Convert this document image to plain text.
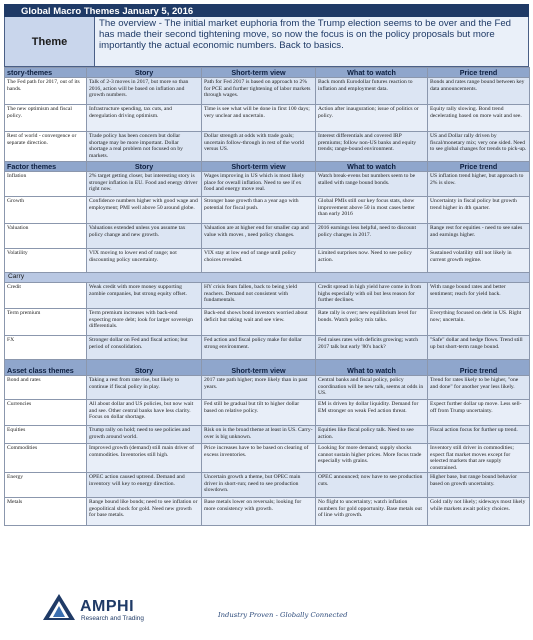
Global Macro Themes January 5, 2016
Theme
The overview - The initial market euphoria from the Trump election seems to be over and the Fed has made their second tightening move, so now the focus is on the policy proposals but more importantly the actual economic numbers. Back to basics.
story-themes	Story	Short-term view	What to watch	Price trend
The Fed path for 2017, out of its hands.	Talk of 2-3 moves in 2017, but more so than 2016, action will be based on inflation and growth numbers.	Path for Fed 2017 is based on approach to 2% for PCE and further tightening of labor markets through wages.	Back month Eurodollar futures reaction to inflation and employment data.	Bonds and rates range bound between key data announcements.
The new optimism and fiscal policy.	Infrastructure spending, tax cuts, and deregulation driving optimism.	Time is see what will be done in first 100 days; very unclear and uncertain.	Action after inauguration; issue of politics or policy.	Equity rally slowing. Bond trend decelerating based on more wait and see.
Rest of world - convergence or separate direction.	Trade policy has been concern but dollar shortage may be more important. Dollar shortage a real problem not focused on by markets.	Dollar strength at odds with trade goals; uncertain follow-through in rest of the world versus US.	Interest differentials and covered IRP premiums; follow non-US banks and equity trends; range-bound environment.	US and Dollar rally driven by fiscal/monetary mix; very one sided. Need to see global changes for trends to pick-up.
Factor themes	Story	Short-term view	What to watch	Price trend
Inflation	2% target getting closer, but interesting story is stronger inflation in EU. Food and energy driver right now.	Wages improving in US which is most likely place for overall inflation. Need to see if ex food and energy move real.	Watch break-evens but numbers seem to be stalled with range bound bonds.	US inflation trend higher, but approach to 2% is slow.
Growth	Confidence numbers higher with good wage and employment; PMI well above 50 around globe.	Stronger base growth than a year ago with potential for fiscal push.	Global PMIs still our key focus stats, show improvement above 50 in most cases better than early 2016	Uncertainty in fiscal policy but growth trend higher in 4th quarter.
Valuation	Valuations extended unless you assume tax policy change and new growth.	Valuation are at higher end for smaller cap and value with moves , need policy changes.	2016 earnings less helpful, need to discount policy changes in 2017.	Range rest for equities - need to see sales and earnings higher.
Volatility	VIX moving to lower end of range; not discounting policy uncertainty.	VIX stay at low end of range until policy choices revealed.	Limited surprises now. Need to see policy action.	Sustained volatility still not likely in current growth regime.
Carry				
Credit	Weak credit with more money supporting zombie companies, but strong equity offset.	HY crisis fears fallen, back to being yield reachers. Demand not consistent with fundamentals.	Credit spread in high yield have come in from highs especially with oil but less reason for further declines.	With range bound rates and better sentiment; reach for yield back.
Term premium	Term premium increases with back-end expecting more debt; look for larger sovereign differentials.	Back-end shows bond investors worried about deficit but taking wait and see view.	Rate rally is over; new equilibrium level for bonds. Watch policy mix talks.	Everything focused on debt in US. Right now; uncertain.
FX	Stronger dollar on Fed and fiscal action; but period of consolidation.	Fed action and fiscal policy make for dollar strong environment.	Fed raises rates with deficits growing; watch 2017 talk but early '80's back?	"Safe" dollar and hedge flows. Trend still up but short-term range bound.
Asset class themes	Story	Short-term view	What to watch	Price trend
Bond and rates	Taking a rest from rate rise, but likely to continue if fiscal policy in play.	2017 rate path higher; more likely than in past years.	Central banks and fiscal policy, policy coordination will be new talk, seems at odds in US.	Trend for rates likely to be higher, "one and done" for another year less likely.
Currencies	All about dollar and US policies, but now wait and see. Other central banks have less clarity. Focus on dollar shortage.	Fed still be gradual but tilt to higher dollar based on relative policy.	EM is driven by dollar liquidity. Demand for EM stronger on weak Fed action threat.	Expect further dollar up move. Less sell-off from Trump uncertainty.
Equities	Trump rally on hold; need to see policies and growth around world.	Risk on is the broad theme at least in US. Carry-over is big unknown.	Equities like fiscal policy talk. Need to see action.	Fiscal action focus for further up trend.
Commodities	Improved growth (demand) still main driver of commodities. Inventories still high.	Price increases have to be based on clearing of excess inventories.	Looking for more demand; supply shocks cannot sustain higher prices. More focus trade especially with grains.	Inventory still driver in commodities; expect flat market moves except for selected markets that are supply constrained.
Energy	OPEC action caused uptrend. Demand and inventory will key to energy direction.	Uncertain growth a theme, but OPEC main driver in short-run; need to see production slowdown.	OPEC announced; now have to see production cuts.	Higher base, but range bound behavior based on growth uncertainty.
Metals	Range bound like bonds; need to see inflation or geopolitical shock for gold. Need new growth for base metals.	Base metals lower on reversals; looking for more consistency with growth.	No flight to uncertainty; watch inflation numbers for gold opportunity. Base metals out of line with growth.	Gold rally not likely; sideways most likely while markets await policy choices.
AMPHI
Research and Trading	Industry Proven - Globally Connected
